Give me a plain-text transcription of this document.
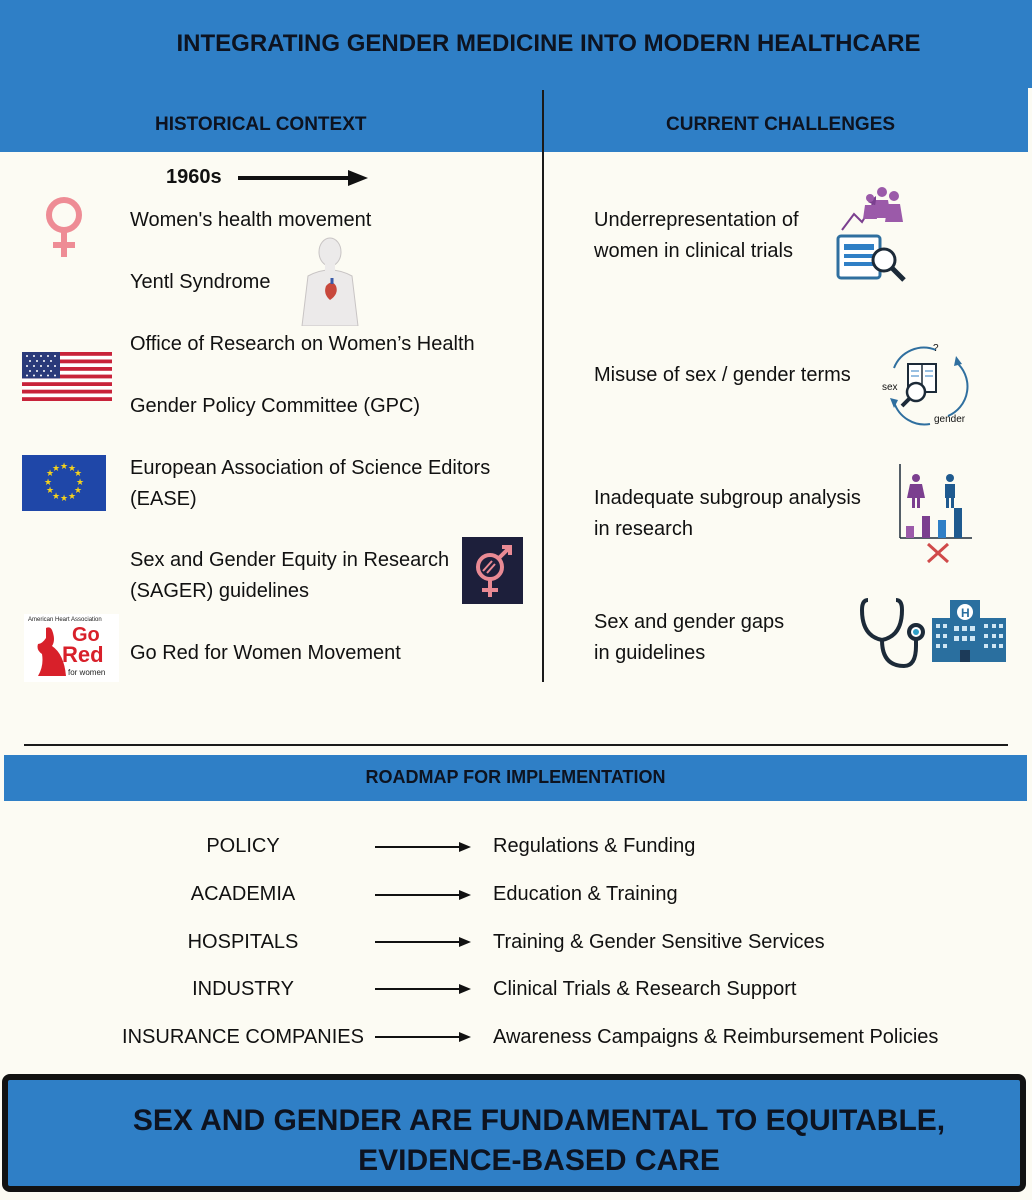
INTEGRATING GENDER MEDICINE INTO MODERN HEALTHCARE
HISTORICAL CONTEXT	CURRENT CHALLENGES
1960s
Women's health movement
Yentl Syndrome
Office of Research on Women’s Health
Gender Policy Committee (GPC)
★ ★
★
★
★
★
★
★
★
★
★
★	European Association of Science Editors
(EASE)
Sex and Gender Equity in Research
(SAGER) guidelines
American Heart Association
Go
Red
for women
Go Red for Women Movement
Underrepresentation of
women in clinical trials
Misuse of sex / gender terms
?
sex
gender
Inadequate subgroup analysis
in research
Sex and gender gaps
in guidelines
H
ROADMAP FOR IMPLEMENTATION
POLICY	Regulations & Funding
ACADEMIA	Education & Training
HOSPITALS	Training & Gender Sensitive Services
INDUSTRY	Clinical Trials & Research Support
INSURANCE COMPANIES	Awareness Campaigns & Reimbursement Policies
SEX AND GENDER ARE FUNDAMENTAL TO EQUITABLE,
EVIDENCE-BASED CARE
